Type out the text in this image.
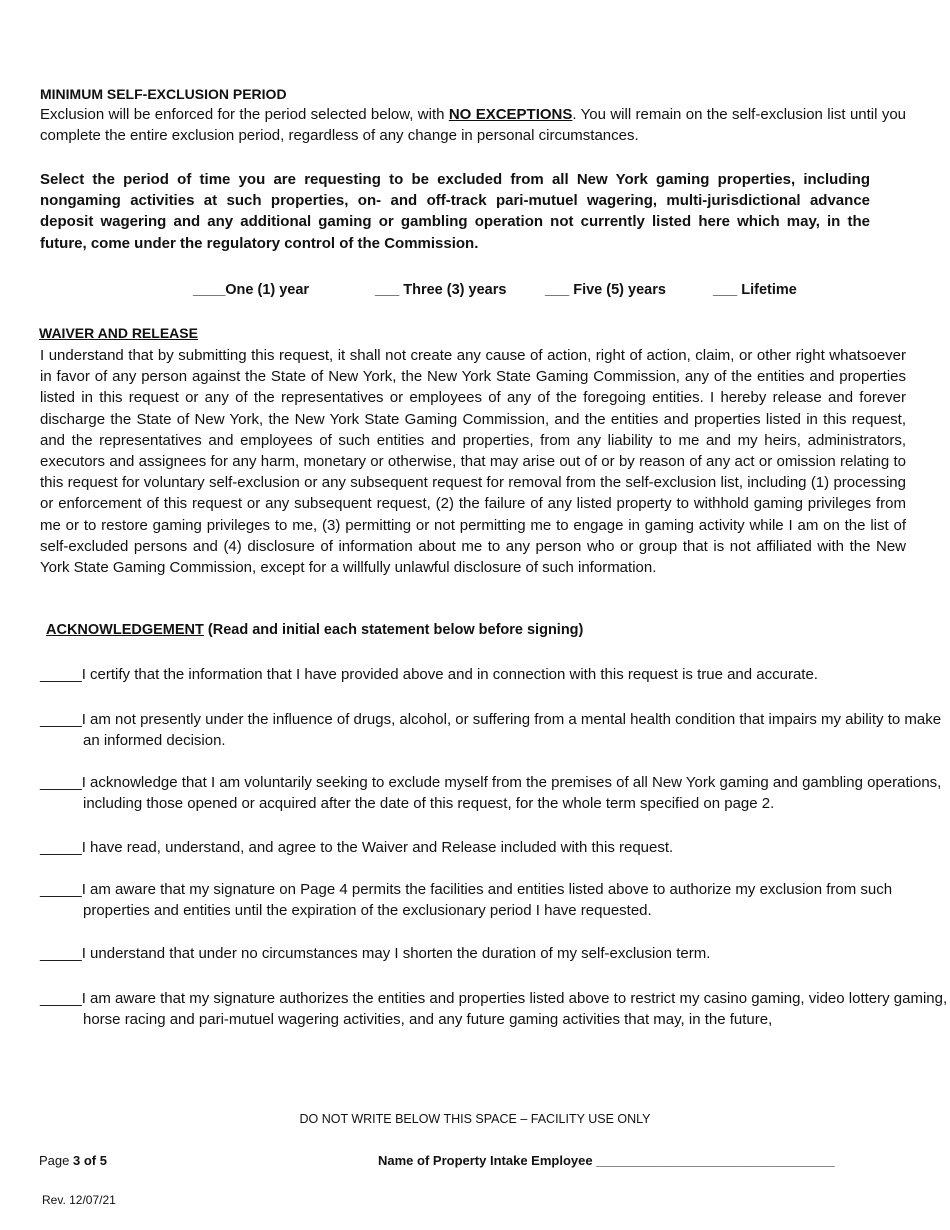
MINIMUM SELF-EXCLUSION PERIOD
Exclusion will be enforced for the period selected below, with NO EXCEPTIONS. You will remain on the self-exclusion list until you complete the entire exclusion period, regardless of any change in personal circumstances.
Select the period of time you are requesting to be excluded from all New York gaming properties, including nongaming activities at such properties, on- and off-track pari-mutuel wagering, multi-jurisdictional advance deposit wagering and any additional gaming or gambling operation not currently listed here which may, in the future, come under the regulatory control of the Commission.
____One (1) year	___ Three (3) years	___ Five (5) years	___ Lifetime
WAIVER AND RELEASE
I understand that by submitting this request, it shall not create any cause of action, right of action, claim, or other right whatsoever in favor of any person against the State of New York, the New York State Gaming Commission, any of the entities and properties listed in this request or any of the representatives or employees of any of the foregoing entities. I hereby release and forever discharge the State of New York, the New York State Gaming Commission, and the entities and properties listed in this request, and the representatives and employees of such entities and properties, from any liability to me and my heirs, administrators, executors and assignees for any harm, monetary or otherwise, that may arise out of or by reason of any act or omission relating to this request for voluntary self-exclusion or any subsequent request for removal from the self-exclusion list, including (1) processing or enforcement of this request or any subsequent request, (2) the failure of any listed property to withhold gaming privileges from me or to restore gaming privileges to me, (3) permitting or not permitting me to engage in gaming activity while I am on the list of self-excluded persons and (4) disclosure of information about me to any person who or group that is not affiliated with the New York State Gaming Commission, except for a willfully unlawful disclosure of such information.
ACKNOWLEDGEMENT (Read and initial each statement below before signing)
_____I certify that the information that I have provided above and in connection with this request is true and accurate.
_____I am not presently under the influence of drugs, alcohol, or suffering from a mental health condition that impairs my ability to make an informed decision.
_____I acknowledge that I am voluntarily seeking to exclude myself from the premises of all New York gaming and gambling operations, including those opened or acquired after the date of this request, for the whole term specified on page 2.
_____I have read, understand, and agree to the Waiver and Release included with this request.
_____I am aware that my signature on Page 4 permits the facilities and entities listed above to authorize my exclusion from such properties and entities until the expiration of the exclusionary period I have requested.
_____I understand that under no circumstances may I shorten the duration of my self-exclusion term.
_____I am aware that my signature authorizes the entities and properties listed above to restrict my casino gaming, video lottery gaming, horse racing and pari-mutuel wagering activities, and any future gaming activities that may, in the future,
DO NOT WRITE BELOW THIS SPACE – FACILITY USE ONLY
Page 3 of 5	Name of Property Intake Employee _________________________________
Rev. 12/07/21
